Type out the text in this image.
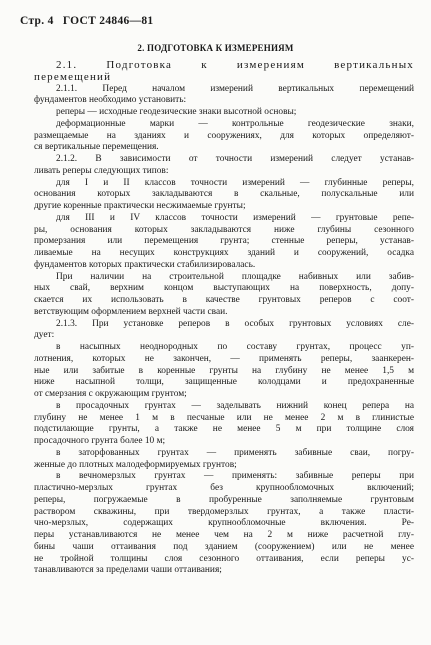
Стр. 4 ГОСТ 24846—81
2. ПОДГОТОВКА К ИЗМЕРЕНИЯМ
2.1. Подготовка к измерениям вертикальных
перемещений
2.1.1. Перед началом измерений вертикальных перемещений
фундаментов необходимо установить:
реперы — исходные геодезические знаки высотной основы;
деформационные марки — контрольные геодезические знаки,
размещаемые на зданиях и сооружениях, для которых определяют-
ся вертикальные перемещения.
2.1.2. В зависимости от точности измерений следует устанав-
ливать реперы следующих типов:
для I и II классов точности измерений — глубинные реперы,
основания которых закладываются в скальные, полускальные или
другие коренные практически несжимаемые грунты;
для III и IV классов точности измерений — грунтовые репе-
ры, основания которых закладываются ниже глубины сезонного
промерзания или перемещения грунта; стенные реперы, устанав-
ливаемые на несущих конструкциях зданий и сооружений, осадка
фундаментов которых практически стабилизировалась.
При наличии на строительной площадке набивных или забив-
ных свай, верхним концом выступающих на поверхность, допу-
скается их использовать в качестве грунтовых реперов с соот-
ветствующим оформлением верхней части сваи.
2.1.3. При установке реперов в особых грунтовых условиях сле-
дует:
в насыпных неоднородных по составу грунтах, процесс уп-
лотнения, которых не закончен, — применять реперы, заанкерен-
ные или забитые в коренные грунты на глубину не менее 1,5 м
ниже насыпной толщи, защищенные колодцами и предохраненные
от смерзания с окружающим грунтом;
в просадочных грунтах — заделывать нижний конец репера на
глубину не менее 1 м в песчаные или не менее 2 м в глинистые
подстилающие грунты, а также не менее 5 м при толщине слоя
просадочного грунта более 10 м;
в заторфованных грунтах — применять забивные сваи, погру-
женные до плотных малодеформируемых грунтов;
в вечномерзлых грунтах — применять: забивные реперы при
пластично-мерзлых грунтах без крупнообломочных включений;
реперы, погружаемые в пробуренные заполняемые грунтовым
раствором скважины, при твердомерзлых грунтах, а также пласти-
чно-мерзлых, содержащих крупнообломочные включения. Ре-
перы устанавливаются не менее чем на 2 м ниже расчетной глу-
бины чаши оттаивания под зданием (сооружением) или не менее
не тройной толщины слоя сезонного оттаивания, если реперы ус-
танавливаются за пределами чаши оттаивания;
